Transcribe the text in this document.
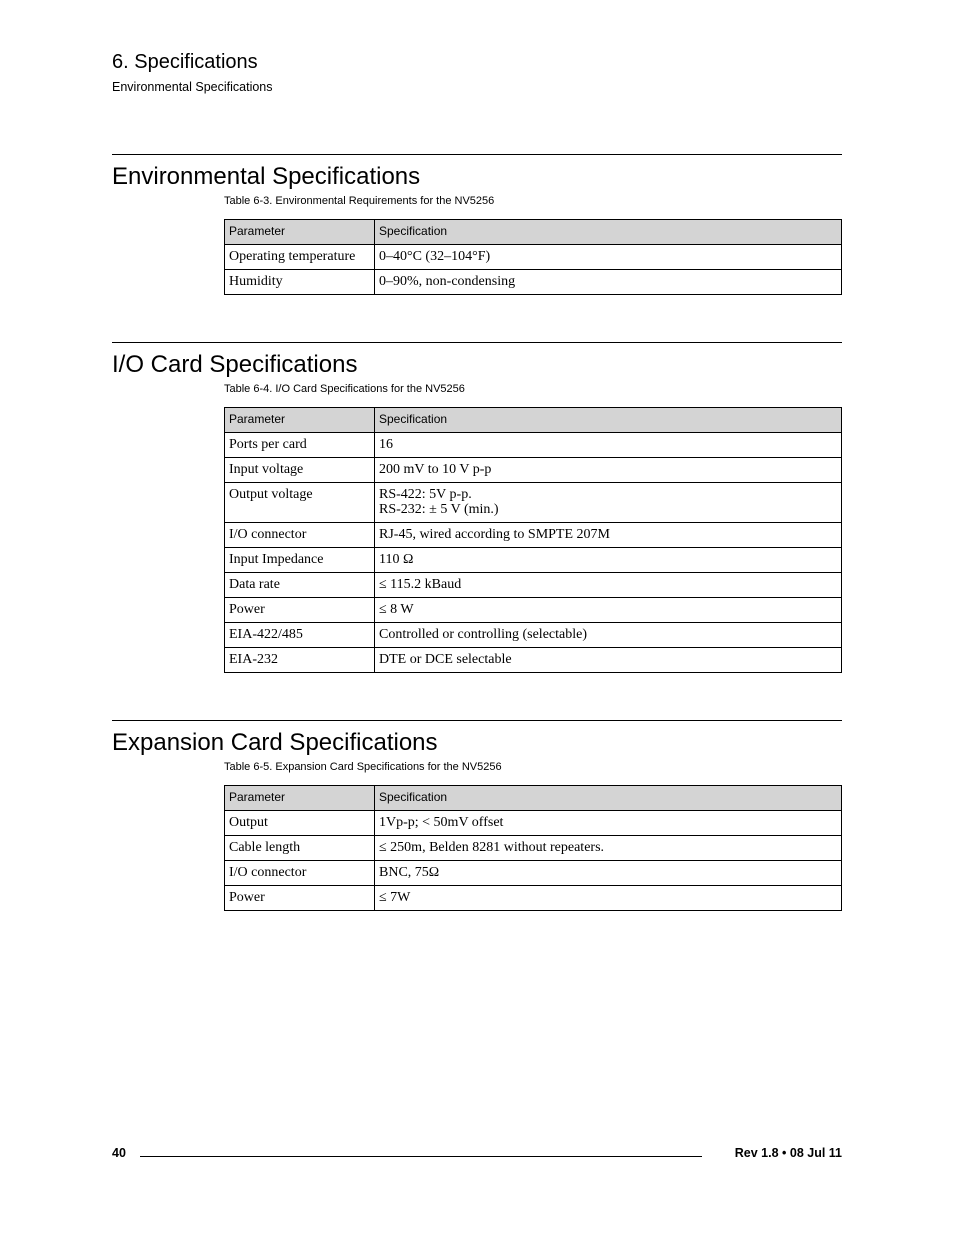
6. Specifications
Environmental Specifications
Environmental Specifications
Table 6-3. Environmental Requirements for the NV5256
Parameter	Specification
Operating temperature	0–40°C (32–104°F)
Humidity	0–90%, non-condensing
I/O Card Specifications
Table 6-4. I/O Card Specifications for the NV5256
Parameter	Specification
Ports per card	16
Input voltage	200 mV to 10 V p-p
Output voltage	RS-422: 5V p-p.
RS-232: ± 5 V (min.)
I/O connector	RJ-45, wired according to SMPTE 207M
Input Impedance	110 Ω
Data rate	≤ 115.2 kBaud
Power	≤ 8 W
EIA-422/485	Controlled or controlling (selectable)
EIA-232	DTE or DCE selectable
Expansion Card Specifications
Table 6-5. Expansion Card Specifications for the NV5256
Parameter	Specification
Output	1Vp-p; < 50mV offset
Cable length	≤ 250m, Belden 8281 without repeaters.
I/O connector	BNC, 75Ω
Power	≤ 7W
40	Rev 1.8 • 08 Jul 11
